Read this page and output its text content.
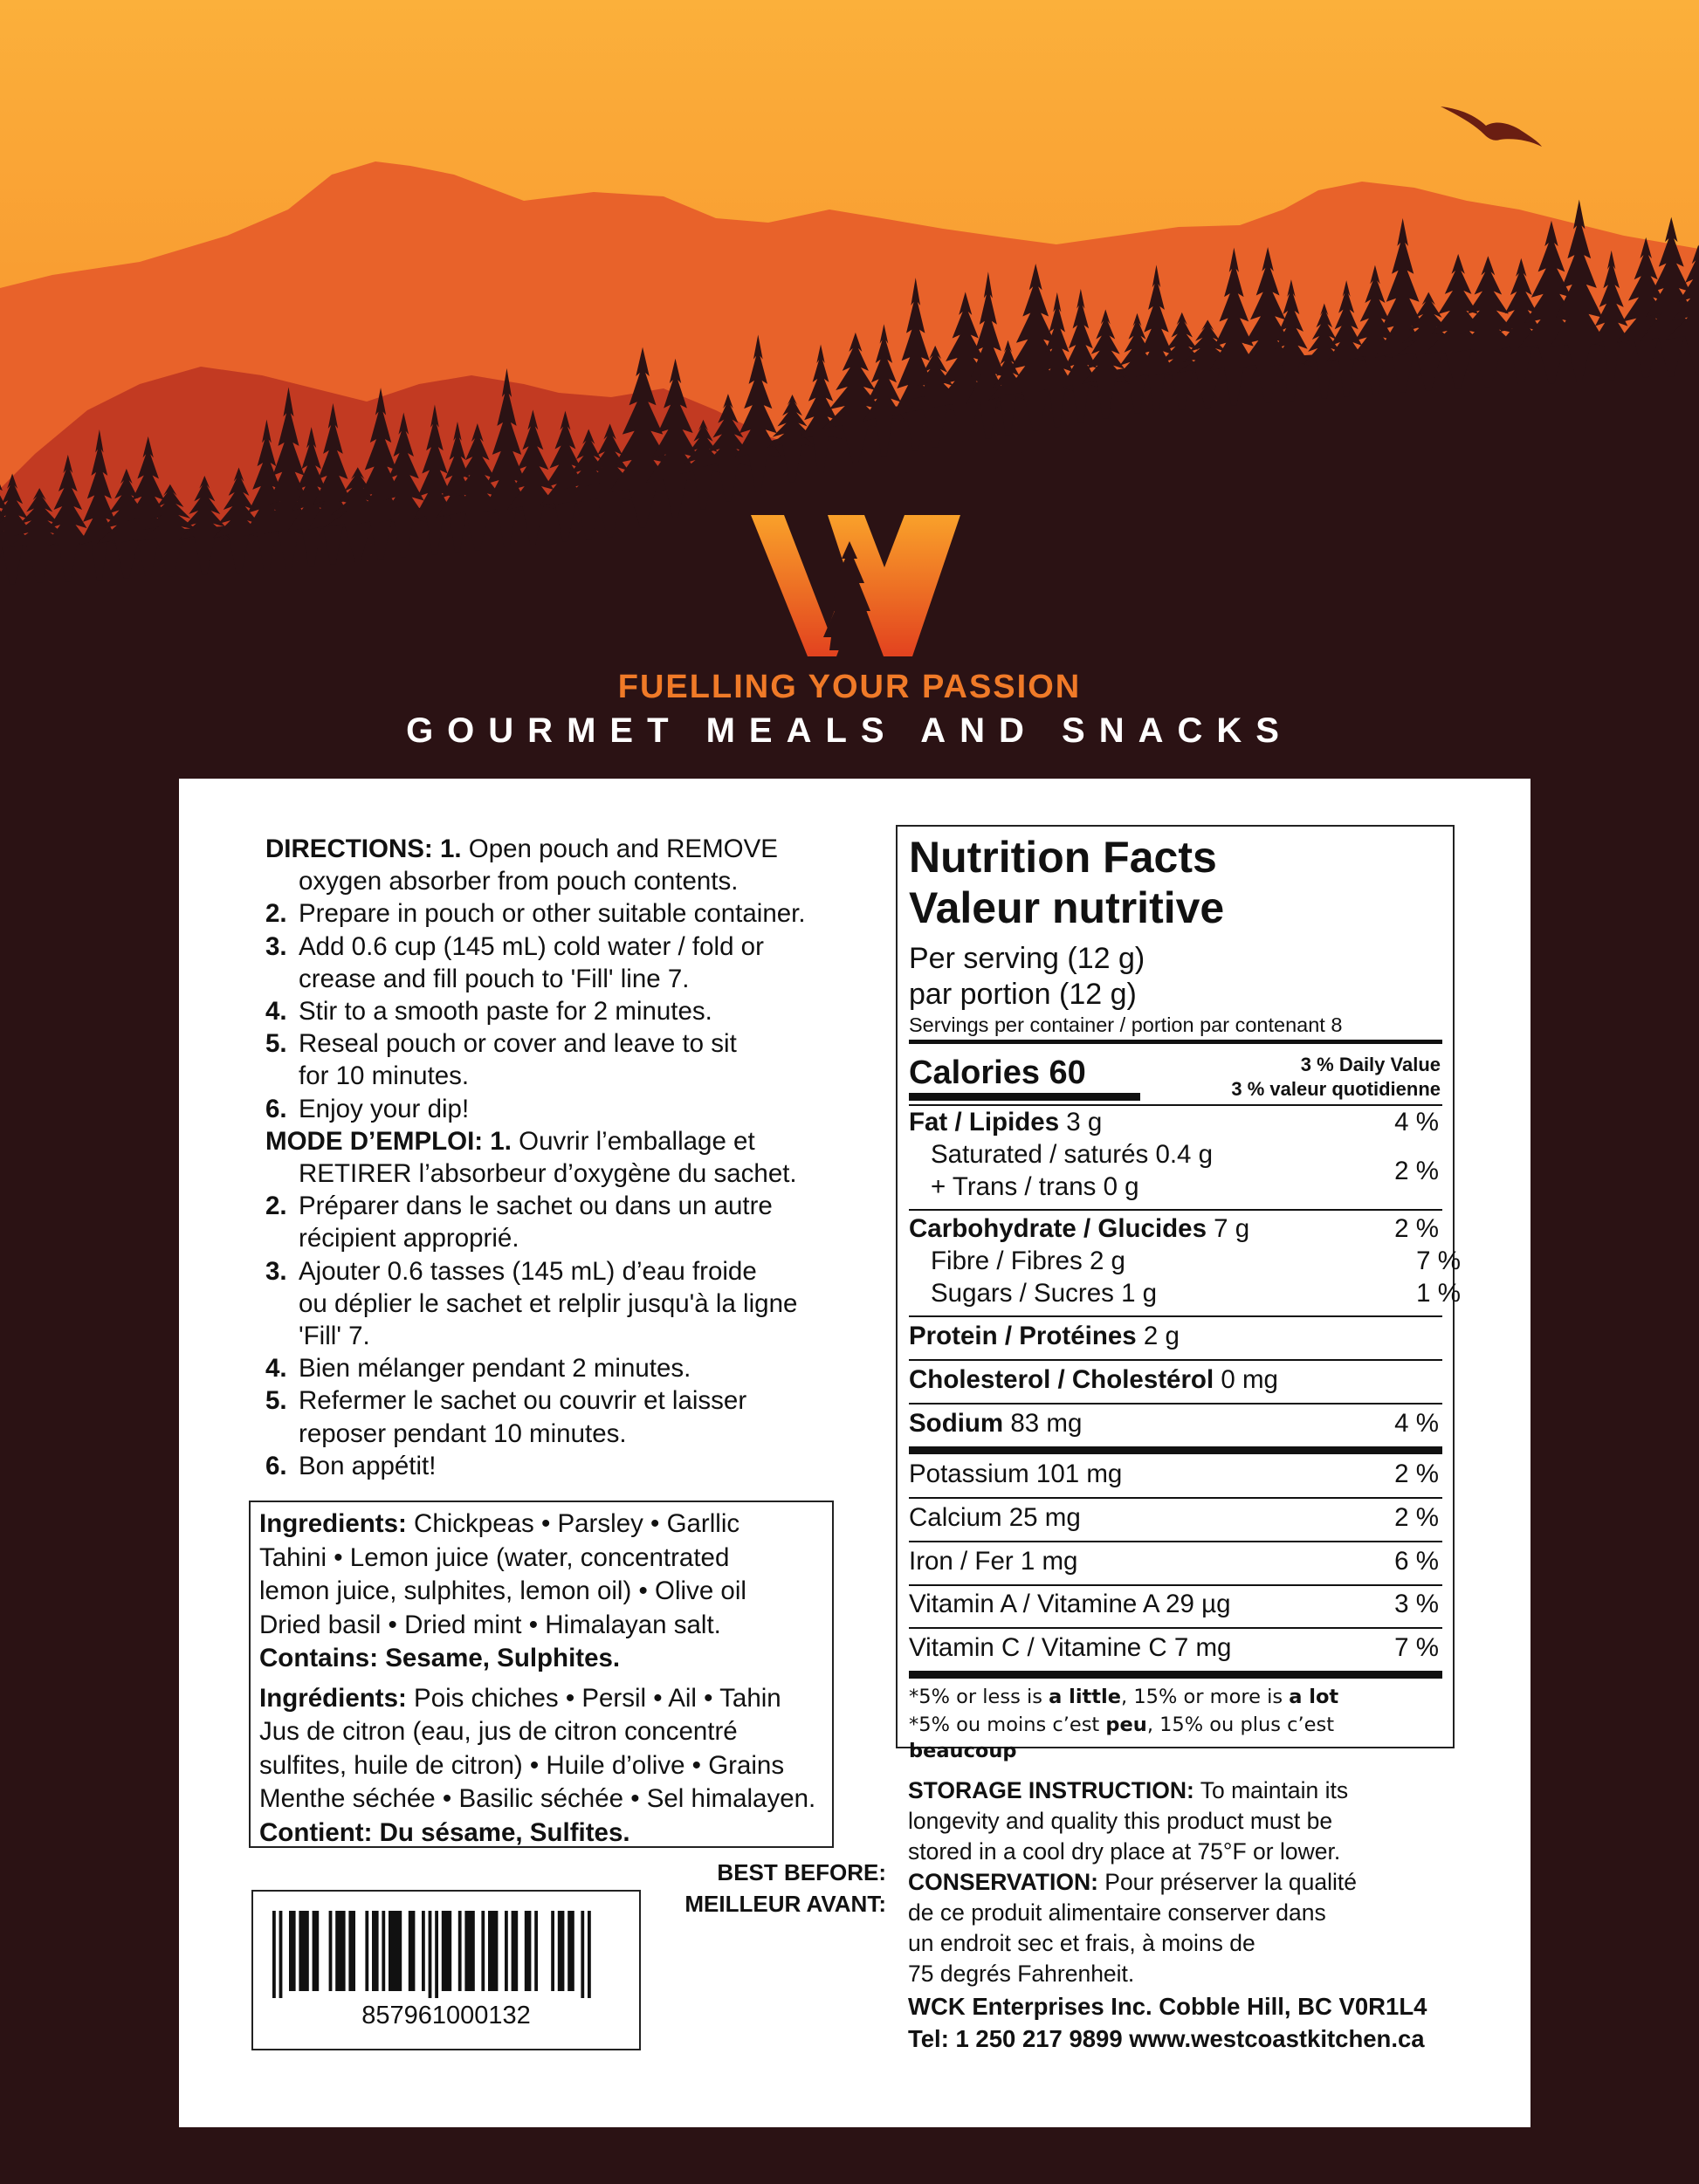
FUELLING YOUR PASSION
GOURMET MEALS AND SNACKS
DIRECTIONS: 1. Open pouch and REMOVE
oxygen absorber from pouch contents.
2. Prepare in pouch or other suitable container.
3. Add 0.6 cup (145 mL) cold water / fold or
crease and fill pouch to 'Fill' line 7.
4. Stir to a smooth paste for 2 minutes.
5. Reseal pouch or cover and leave to sit
for 10 minutes.
6. Enjoy your dip!
MODE D’EMPLOI: 1. Ouvrir l’emballage et
RETIRER l’absorbeur d’oxygène du sachet.
2. Préparer dans le sachet ou dans un autre
récipient approprié.
3. Ajouter 0.6 tasses (145 mL) d’eau froide
ou déplier le sachet et relplir jusqu'à la ligne
'Fill' 7.
4. Bien mélanger pendant 2 minutes.
5. Refermer le sachet ou couvrir et laisser
reposer pendant 10 minutes.
6. Bon appétit!
Ingredients: Chickpeas • Parsley • Garllic
Tahini • Lemon juice (water, concentrated
lemon juice, sulphites, lemon oil) • Olive oil
Dried basil • Dried mint • Himalayan salt.
Contains: Sesame, Sulphites.
Ingrédients: Pois chiches • Persil • Ail • Tahin
Jus de citron (eau, jus de citron concentré
sulfites, huile de citron) • Huile d’olive • Grains
Menthe séchée • Basilic séchée • Sel himalayen.
Contient: Du sésame, Sulfites.
BEST BEFORE:
MEILLEUR AVANT:
857961000132
Nutrition Facts
Valeur nutritive
Per serving (12 g)
par portion (12 g)
Servings per container / portion par contenant 8
Calories 60	3 % Daily Value
3 % valeur quotidienne
Fat / Lipides 3 g	4 %
Saturated / saturés 0.4 g
+ Trans / trans 0 g
2 %
Carbohydrate / Glucides 7 g	2 %
Fibre / Fibres 2 g	7 %
Sugars / Sucres 1 g	1 %
Protein / Protéines 2 g
Cholesterol / Cholestérol 0 mg
Sodium 83 mg	4 %
Potassium 101 mg	2 %
Calcium 25 mg	2 %
Iron / Fer 1 mg	6 %
Vitamin A / Vitamine A 29 µg	3 %
Vitamin C / Vitamine C 7 mg	7 %
*5% or less is a little, 15% or more is a lot
*5% ou moins c’est peu, 15% ou plus c’est beaucoup
STORAGE INSTRUCTION: To maintain its
longevity and quality this product must be
stored in a cool dry place at 75°F or lower.
CONSERVATION: Pour préserver la qualité
de ce produit alimentaire conserver dans
un endroit sec et frais, à moins de
75 degrés Fahrenheit.
WCK Enterprises Inc. Cobble Hill, BC V0R1L4
Tel: 1 250 217 9899 www.westcoastkitchen.ca
